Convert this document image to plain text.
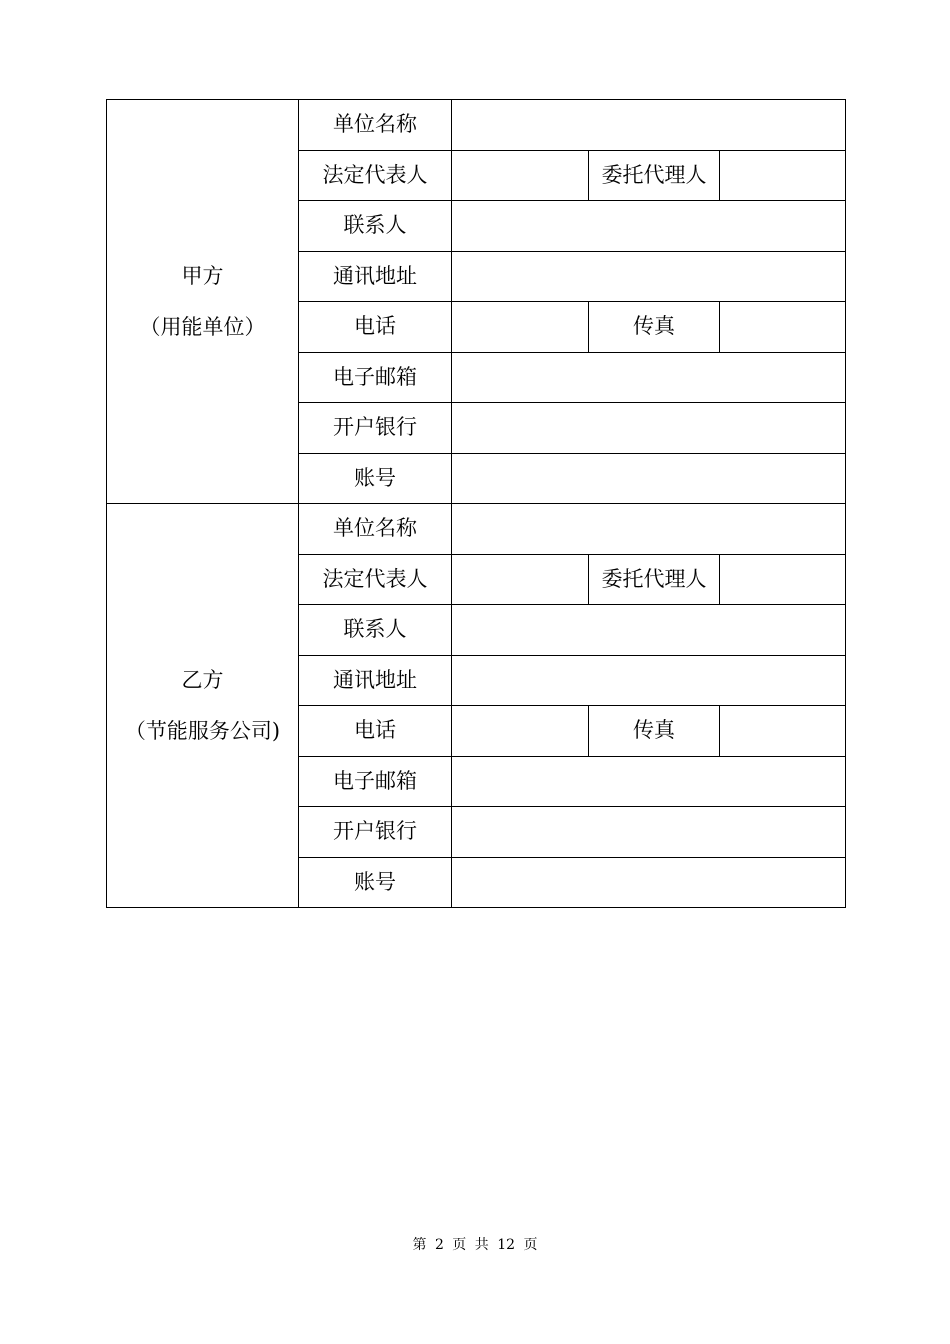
甲方
（用能单位）	单位名称			
	法定代表人		委托代理人	
	联系人			
	通讯地址			
	电话		传真	
	电子邮箱			
	开户银行			
	账号			

乙方
（节能服务公司)	单位名称			
	法定代表人		委托代理人	
	联系人			
	通讯地址			
	电话		传真	
	电子邮箱			
	开户银行			
	账号			
第 2 页 共 12 页
